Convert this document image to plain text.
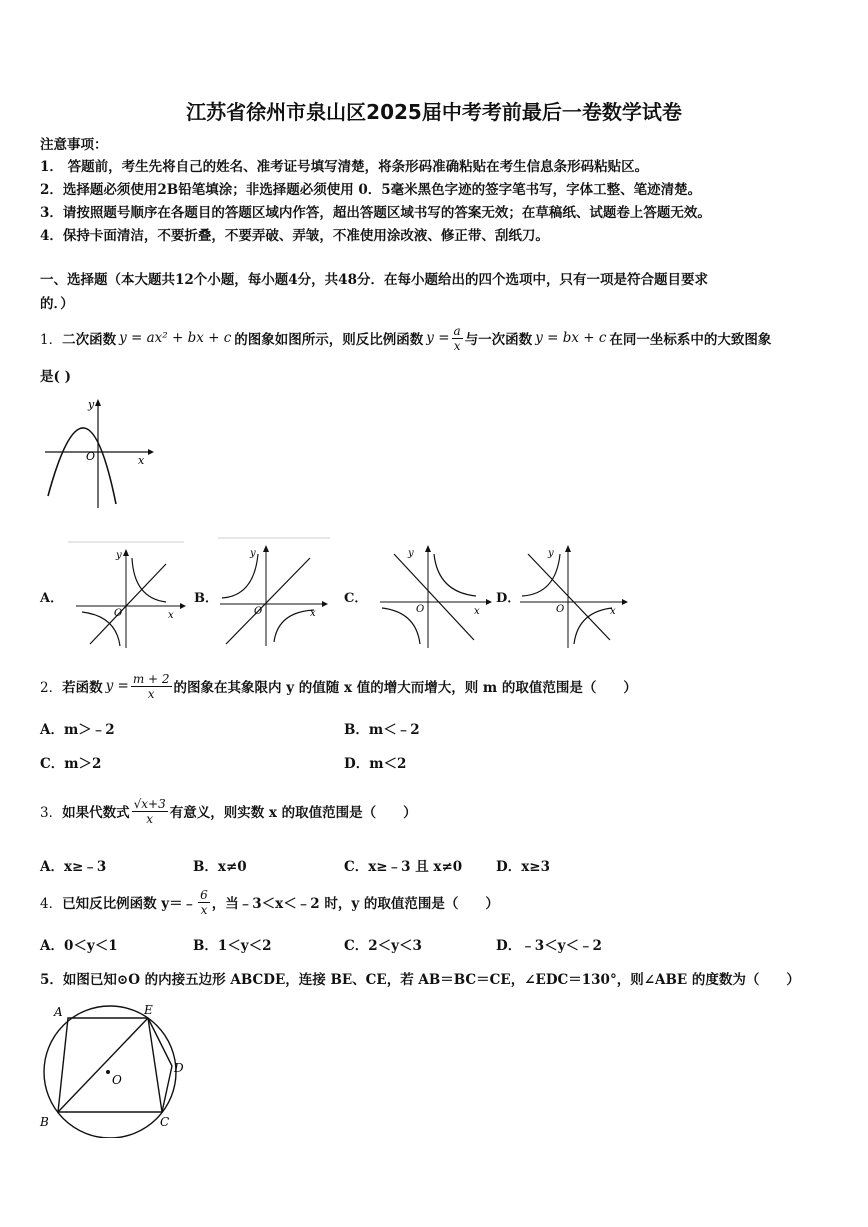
江苏省徐州市泉山区2025届中考考前最后一卷数学试卷
注意事项：
1． 答题前，考生先将自己的姓名、准考证号填写清楚，将条形码准确粘贴在考生信息条形码粘贴区。
2．选择题必须使用2B铅笔填涂；非选择题必须使用 0．5毫米黑色字迹的签字笔书写，字体工整、笔迹清楚。
3．请按照题号顺序在各题目的答题区域内作答，超出答题区域书写的答案无效；在草稿纸、试题卷上答题无效。
4．保持卡面清洁，不要折叠，不要弄破、弄皱，不准使用涂改液、修正带、刮纸刀。
一、选择题（本大题共12个小题，每小题4分，共48分．在每小题给出的四个选项中，只有一项是符合题目要求
的．）
1． 二次函数 y = ax² + bx + c 的图象如图所示，则反比例函数 $y = \frac{a}{x}$ 与一次函数 y = bx + c 在同一坐标系中的大致图象
是( )
y
x
O
A．
y
x
O
B．
y
x
O
C．
y
x
O
D．
y
x
O
2． 若函数 $y = \frac{m + 2}{x}$ 的图象在其象限内 y 的值随 x 值的增大而增大，则 m 的取值范围是（　　）
A．m＞﹣2	B．m＜﹣2
C．m＞2	D．m＜2
3． 如果代数式 $\frac{√x+3}{x}$ 有意义，则实数 x 的取值范围是（　　）
A．x≥﹣3	B．x≠0	C．x≥﹣3 且 x≠0	D．x≥3
4． 已知反比例函数 y＝﹣ $\frac{6}{x}$ ，当﹣3＜x＜﹣2 时，y 的取值范围是（　　）
A．0＜y＜1	B．1＜y＜2	C．2＜y＜3	D．﹣3＜y＜﹣2
5．如图已知⊙O 的内接五边形 ABCDE，连接 BE、CE，若 AB＝BC＝CE，∠EDC＝130°，则∠ABE 的度数为（　　）
A	E
D
C
B
O
